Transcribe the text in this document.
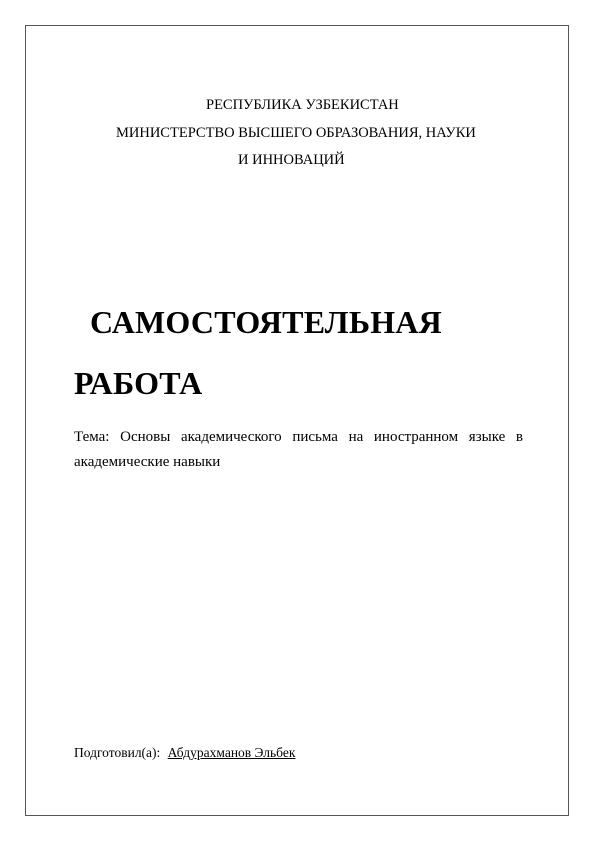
РЕСПУБЛИКА УЗБЕКИСТАН
МИНИСТЕРСТВО ВЫСШЕГО ОБРАЗОВАНИЯ, НАУКИ
И ИННОВАЦИЙ
САМОСТОЯТЕЛЬНАЯ
РАБОТА
Тема: Основы академического письма на иностранном языке в
академические навыки
Подготовил(а): Абдурахманов Эльбек
